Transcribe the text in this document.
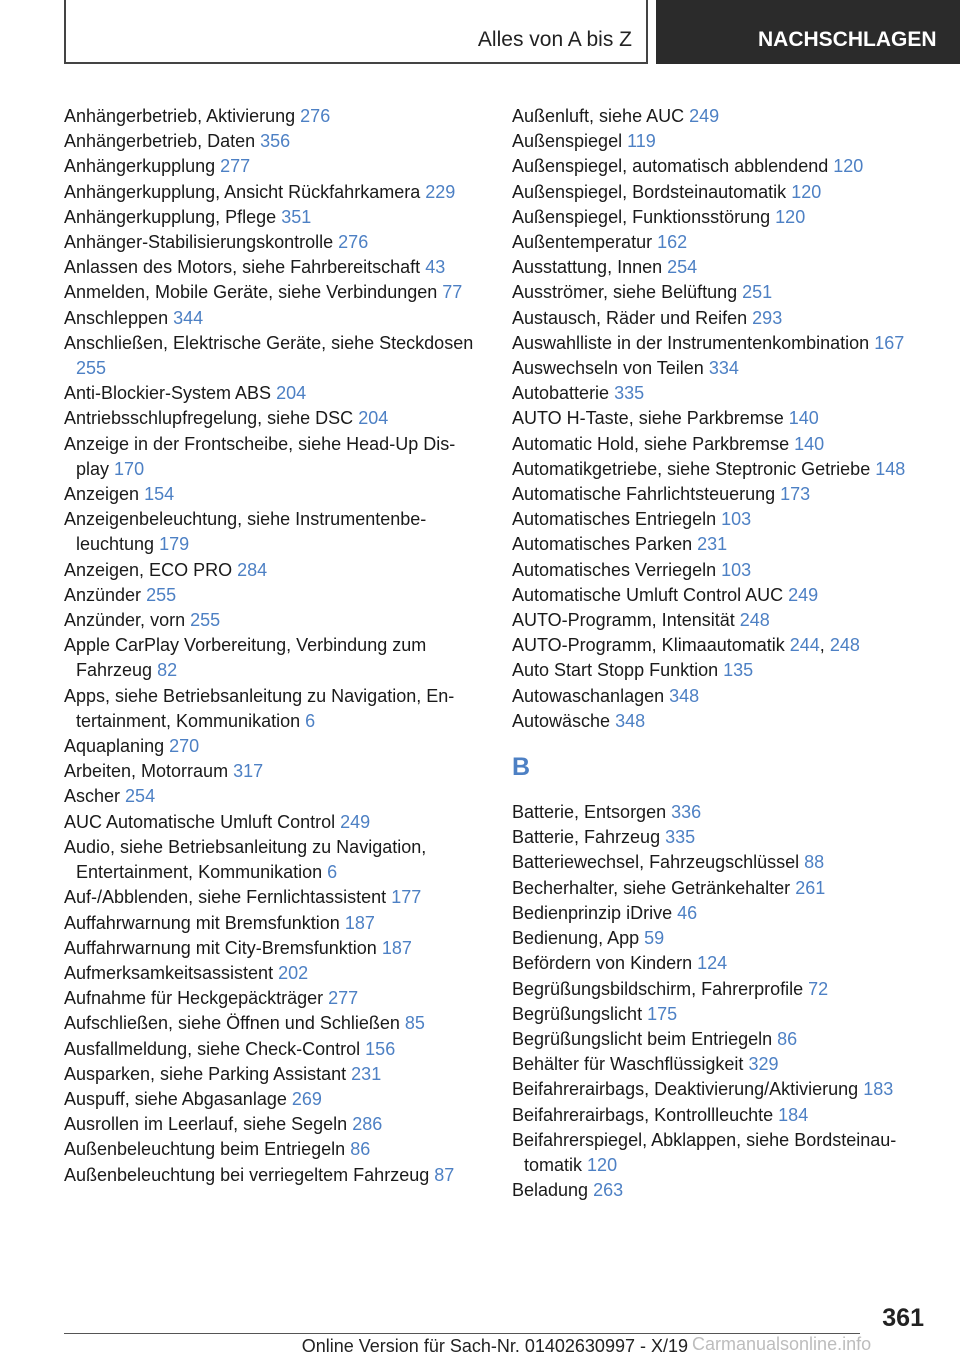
Alles von A bis Z	NACHSCHLAGEN
Anhängerbetrieb, Aktivierung 276
Anhängerbetrieb, Daten 356
Anhängerkupplung 277
Anhängerkupplung, Ansicht Rückfahrkamera 229
Anhängerkupplung, Pflege 351
Anhänger-Stabilisierungskontrolle 276
Anlassen des Motors, siehe Fahrbereitschaft 43
Anmelden, Mobile Geräte, siehe Verbindungen 77
Anschleppen 344
Anschließen, Elektrische Geräte, siehe Steckdosen 255
Anti-Blockier-System ABS 204
Antriebsschlupfregelung, siehe DSC 204
Anzeige in der Frontscheibe, siehe Head-Up Display 170
Anzeigen 154
Anzeigenbeleuchtung, siehe Instrumentenbeleuchtung 179
Anzeigen, ECO PRO 284
Anzünder 255
Anzünder, vorn 255
Apple CarPlay Vorbereitung, Verbindung zum Fahrzeug 82
Apps, siehe Betriebsanleitung zu Navigation, Entertainment, Kommunikation 6
Aquaplaning 270
Arbeiten, Motorraum 317
Ascher 254
AUC Automatische Umluft Control 249
Audio, siehe Betriebsanleitung zu Navigation, Entertainment, Kommunikation 6
Auf-/Abblenden, siehe Fernlichtassistent 177
Auffahrwarnung mit Bremsfunktion 187
Auffahrwarnung mit City-Bremsfunktion 187
Aufmerksamkeitsassistent 202
Aufnahme für Heckgepäckträger 277
Aufschließen, siehe Öffnen und Schließen 85
Ausfallmeldung, siehe Check-Control 156
Ausparken, siehe Parking Assistant 231
Auspuff, siehe Abgasanlage 269
Ausrollen im Leerlauf, siehe Segeln 286
Außenbeleuchtung beim Entriegeln 86
Außenbeleuchtung bei verriegeltem Fahrzeug 87
Außenluft, siehe AUC 249
Außenspiegel 119
Außenspiegel, automatisch abblendend 120
Außenspiegel, Bordsteinautomatik 120
Außenspiegel, Funktionsstörung 120
Außentemperatur 162
Ausstattung, Innen 254
Ausströmer, siehe Belüftung 251
Austausch, Räder und Reifen 293
Auswahlliste in der Instrumentenkombination 167
Auswechseln von Teilen 334
Autobatterie 335
AUTO H-Taste, siehe Parkbremse 140
Automatic Hold, siehe Parkbremse 140
Automatikgetriebe, siehe Steptronic Getriebe 148
Automatische Fahrlichtsteuerung 173
Automatisches Entriegeln 103
Automatisches Parken 231
Automatisches Verriegeln 103
Automatische Umluft Control AUC 249
AUTO-Programm, Intensität 248
AUTO-Programm, Klimaautomatik 244, 248
Auto Start Stopp Funktion 135
Autowaschanlagen 348
Autowäsche 348
B
Batterie, Entsorgen 336
Batterie, Fahrzeug 335
Batteriewechsel, Fahrzeugschlüssel 88
Becherhalter, siehe Getränkehalter 261
Bedienprinzip iDrive 46
Bedienung, App 59
Befördern von Kindern 124
Begrüßungsbildschirm, Fahrerprofile 72
Begrüßungslicht 175
Begrüßungslicht beim Entriegeln 86
Behälter für Waschflüssigkeit 329
Beifahrerairbags, Deaktivierung/Aktivierung 183
Beifahrerairbags, Kontrollleuchte 184
Beifahrerspiegel, Abklappen, siehe Bordsteinautomatik 120
Beladung 263
361
Online Version für Sach-Nr. 01402630997 - X/19 Carmanualsonline.info
